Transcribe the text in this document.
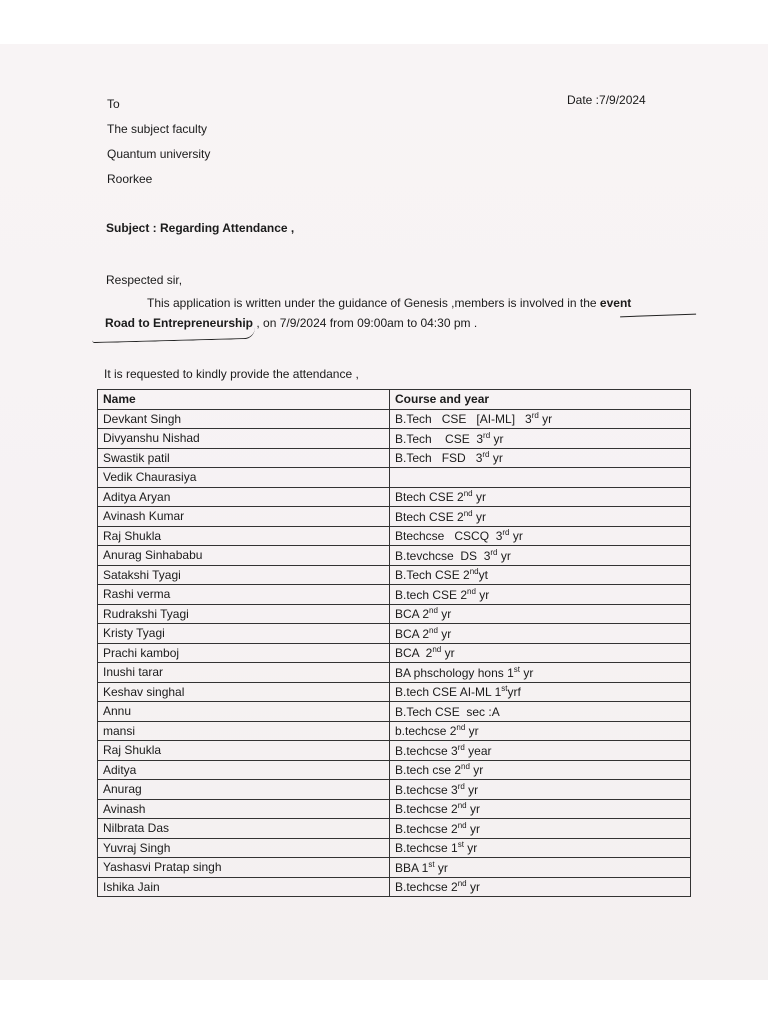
Date :7/9/2024
To
The subject faculty
Quantum university
Roorkee
Subject : Regarding Attendance ,
Respected sir,
This application is written under the guidance of Genesis ,members is involved in the event
Road to Entrepreneurship , on 7/9/2024 from 09:00am to 04:30 pm .
It is requested to kindly provide the attendance ,
Name	Course and year
Devkant Singh	B.Tech   CSE   [AI-ML]   3rd yr
Divyanshu Nishad	B.Tech    CSE  3rd yr
Swastik patil	B.Tech   FSD   3rd yr
Vedik Chaurasiya	
Aditya Aryan	Btech CSE 2nd yr
Avinash Kumar	Btech CSE 2nd yr
Raj Shukla	Btechcse   CSCQ  3rd yr
Anurag Sinhababu	B.tevchcse  DS  3rd yr
Satakshi Tyagi	B.Tech CSE 2ndyt
Rashi verma	B.tech CSE 2nd yr
Rudrakshi Tyagi	BCA 2nd yr
Kristy Tyagi	BCA 2nd yr
Prachi kamboj	BCA  2nd yr
Inushi tarar	BA phschology hons 1st yr
Keshav singhal	B.tech CSE AI-ML 1styrf
Annu	B.Tech CSE  sec :A
mansi	b.techcse 2nd yr
Raj Shukla	B.techcse 3rd year
Aditya	B.tech cse 2nd yr
Anurag	B.techcse 3rd yr
Avinash	B.techcse 2nd yr
Nilbrata Das	B.techcse 2nd yr
Yuvraj Singh	B.techcse 1st yr
Yashasvi Pratap singh	BBA 1st yr
Ishika Jain	B.techcse 2nd yr
